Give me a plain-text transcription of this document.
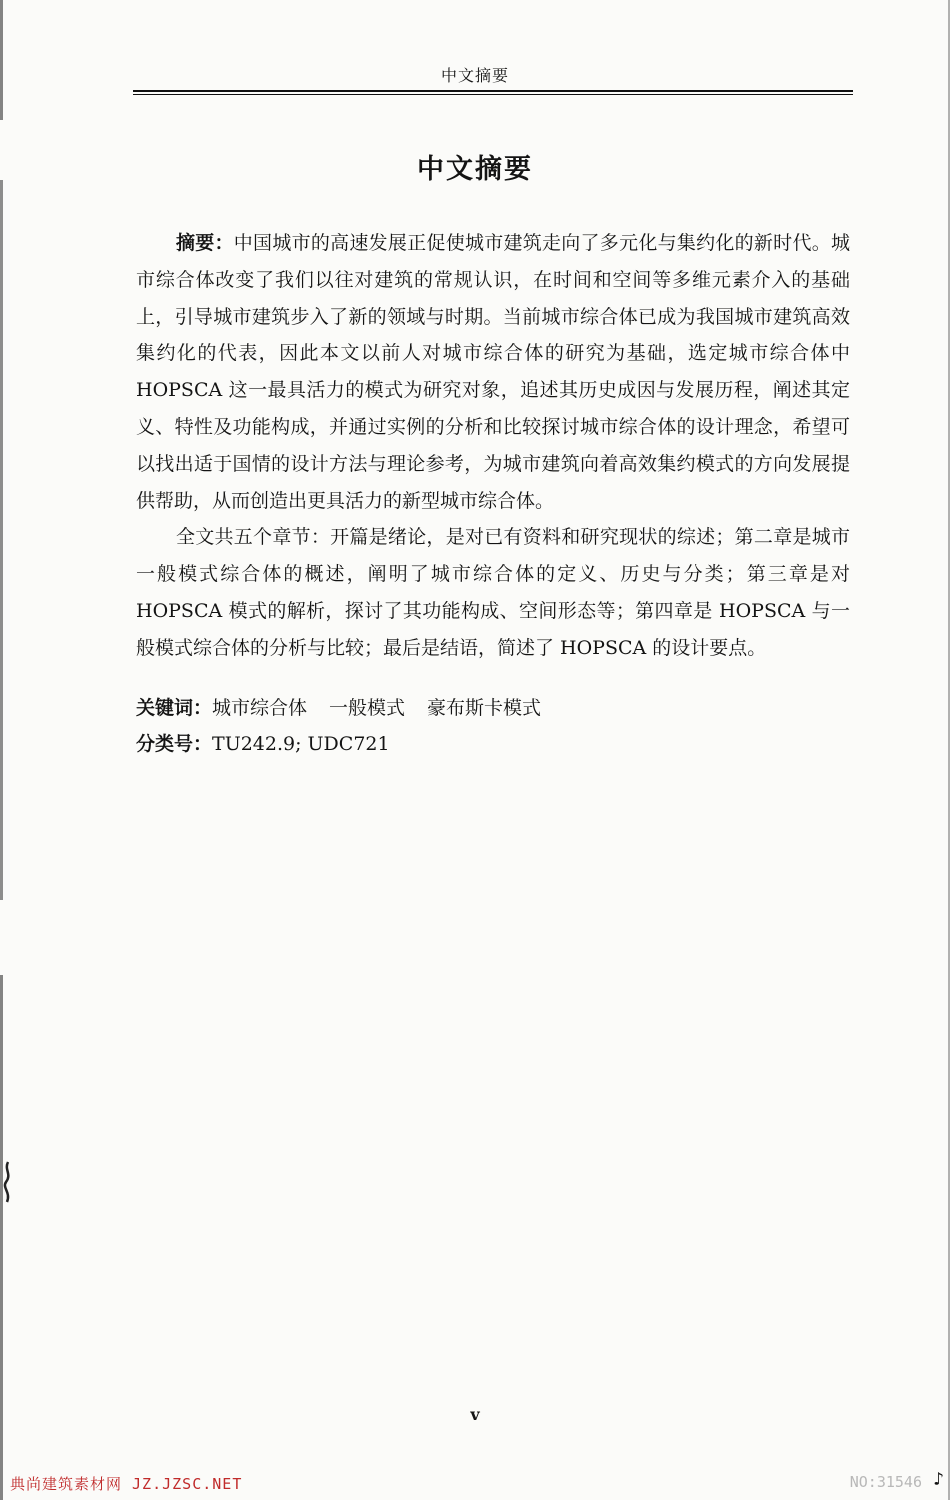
中文摘要
中文摘要

摘要：中国城市的高速发展正促使城市建筑走向了多元化与集约化的新时代。城市综合体改变了我们以往对建筑的常规认识，在时间和空间等多维元素介入的基础上，引导城市建筑步入了新的领域与时期。当前城市综合体已成为我国城市建筑高效集约化的代表，因此本文以前人对城市综合体的研究为基础，选定城市综合体中 HOPSCA 这一最具活力的模式为研究对象，追述其历史成因与发展历程，阐述其定义、特性及功能构成，并通过实例的分析和比较探讨城市综合体的设计理念，希望可以找出适于国情的设计方法与理论参考，为城市建筑向着高效集约模式的方向发展提供帮助，从而创造出更具活力的新型城市综合体。

全文共五个章节：开篇是绪论，是对已有资料和研究现状的综述；第二章是城市一般模式综合体的概述，阐明了城市综合体的定义、历史与分类；第三章是对 HOPSCA 模式的解析，探讨了其功能构成、空间形态等；第四章是 HOPSCA 与一般模式综合体的分析与比较；最后是结语，简述了 HOPSCA 的设计要点。

关键词：城市综合体 一般模式 豪布斯卡模式
分类号：TU242.9; UDC721
v
典尚建筑素材网 JZ.JZSC.NET	NO:31546 ♪
